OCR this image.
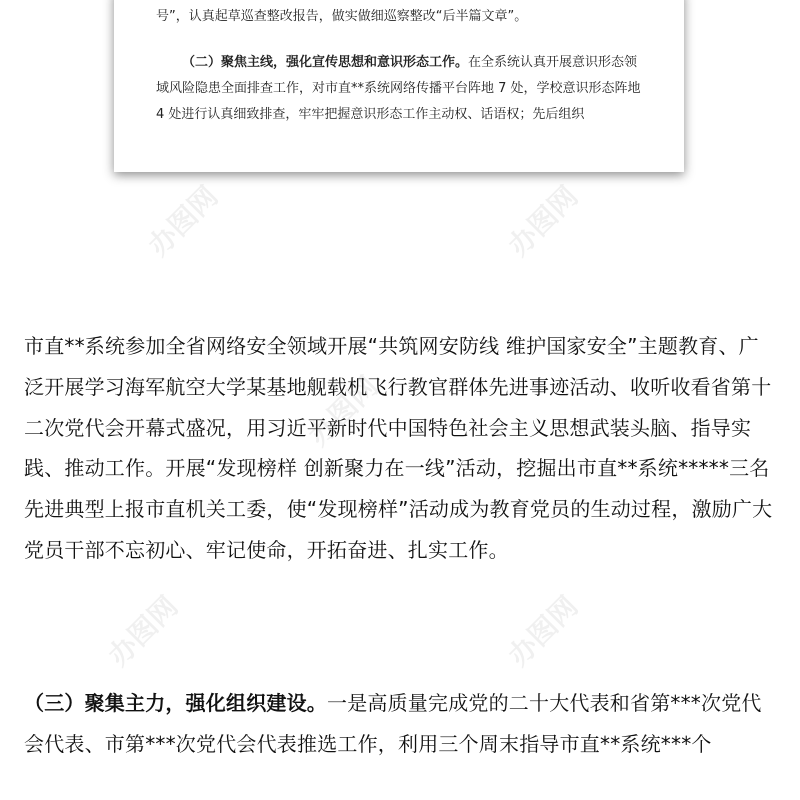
号”，认真起草巡查整改报告，做实做细巡察整改“后半篇文章”。

（二）聚焦主线，强化宣传思想和意识形态工作。在全系统认真开展意识形态领域风险隐患全面排查工作，对市直**系统网络传播平台阵地 7 处，学校意识形态阵地 4 处进行认真细致排查，牢牢把握意识形态工作主动权、话语权；先后组织

办图网	办图网
办图网
办图网	办图网

市直**系统参加全省网络安全领域开展“共筑网安防线 维护国家安全”主题教育、广泛开展学习海军航空大学某基地舰载机飞行教官群体先进事迹活动、收听收看省第十二次党代会开幕式盛况，用习近平新时代中国特色社会主义思想武装头脑、指导实践、推动工作。开展“发现榜样 创新聚力在一线”活动，挖掘出市直**系统*****三名先进典型上报市直机关工委，使“发现榜样”活动成为教育党员的生动过程，激励广大党员干部不忘初心、牢记使命，开拓奋进、扎实工作。

（三）聚集主力，强化组织建设。一是高质量完成党的二十大代表和省第***次党代会代表、市第***次党代会代表推选工作，利用三个周末指导市直**系统***个
